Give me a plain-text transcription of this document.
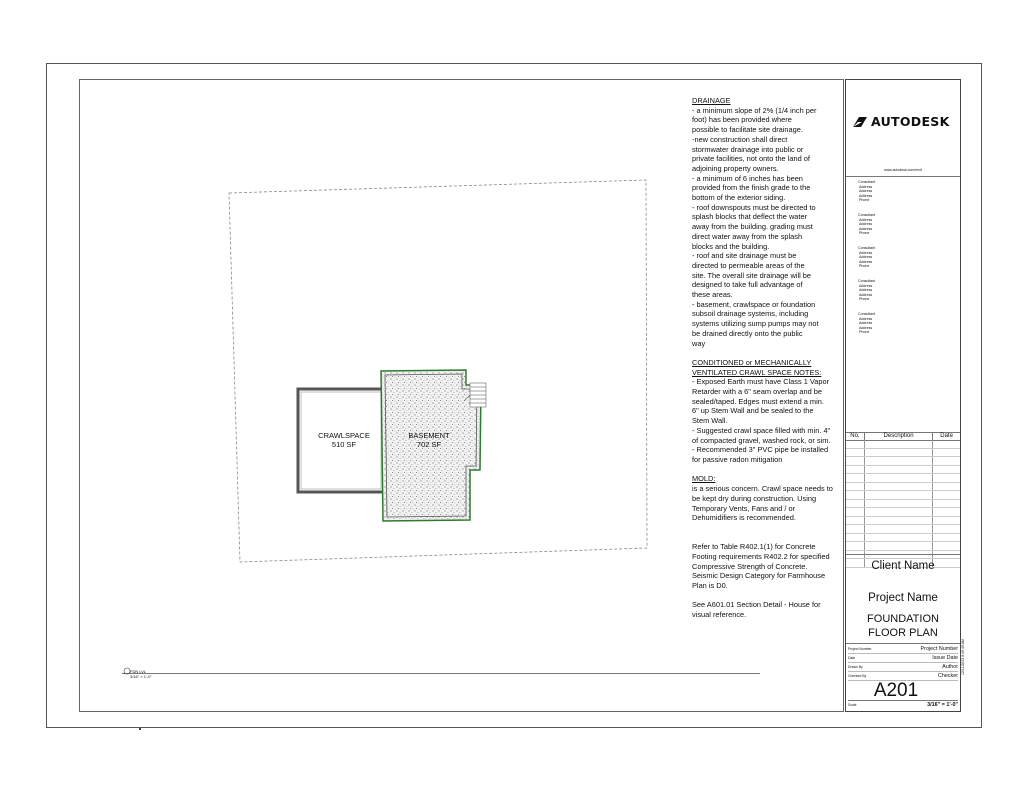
CRAWLSPACE
510 SF
BASEMENT
702 SF
FDN LVL
3/16" = 1'-0"
DRAINAGE
- a minimum slope of 2% (1/4 inch per
foot) has been provided where
possible to facilitate site drainage.
-new construction shall direct
stormwater drainage into public or
private facilities, not onto the land of
adjoining property owners.
- a minimum of 6 inches has been
provided from the finish grade to the
bottom of the exterior siding.
- roof downspouts must be directed to
splash blocks that deflect the water
away from the building. grading must
direct water away from the splash
blocks and the building.
- roof and site drainage must be
directed to permeable areas of the
site. The overall site drainage will be
designed to take full advantage of
these areas.
- basement, crawlspace or foundation
subsoil drainage systems, including
systems utilizing sump pumps may not
be drained directly onto the public
way
CONDITIONED or MECHANICALLY
VENTILATED CRAWL SPACE NOTES:
- Exposed Earth must have Class 1 Vapor
Retarder with a 6" seam overlap and be
sealed/taped. Edges must extend a min.
6" up Stem Wall and be sealed to the
Stem Wall.
- Suggested crawl space filled with min. 4"
of compacted gravel, washed rock, or sim.
- Recommended 3" PVC pipe be installed
for passive radon mitigation
MOLD:
is a serious concern. Crawl space needs to
be kept dry during construction. Using
Temporary Vents, Fans and / or
Dehumidifiers is recommended.
Refer to Table R402.1(1) for Concrete
Footing requirements R402.2 for specified
Compressive Strength of Concrete.
Seismic Design Category for Farmhouse
Plan is D0.
See A601.01 Section Detail - House for
visual reference.
AUTODESK
www.autodesk.com/revit
Consultant
Address
Address
Address
Phone
Consultant
Address
Address
Address
Phone
Consultant
Address
Address
Address
Phone
Consultant
Address
Address
Address
Phone
Consultant
Address
Address
Address
Phone
No.	Description	Date
Client Name
Project Name
FOUNDATION
FLOOR PLAN
Project Number	Project Number
Date	Issue Date
Drawn By	Author
Checked By	Checker
A201
Scale	3/16" = 1'-0"
12/11/2023 8:49:46 AM
